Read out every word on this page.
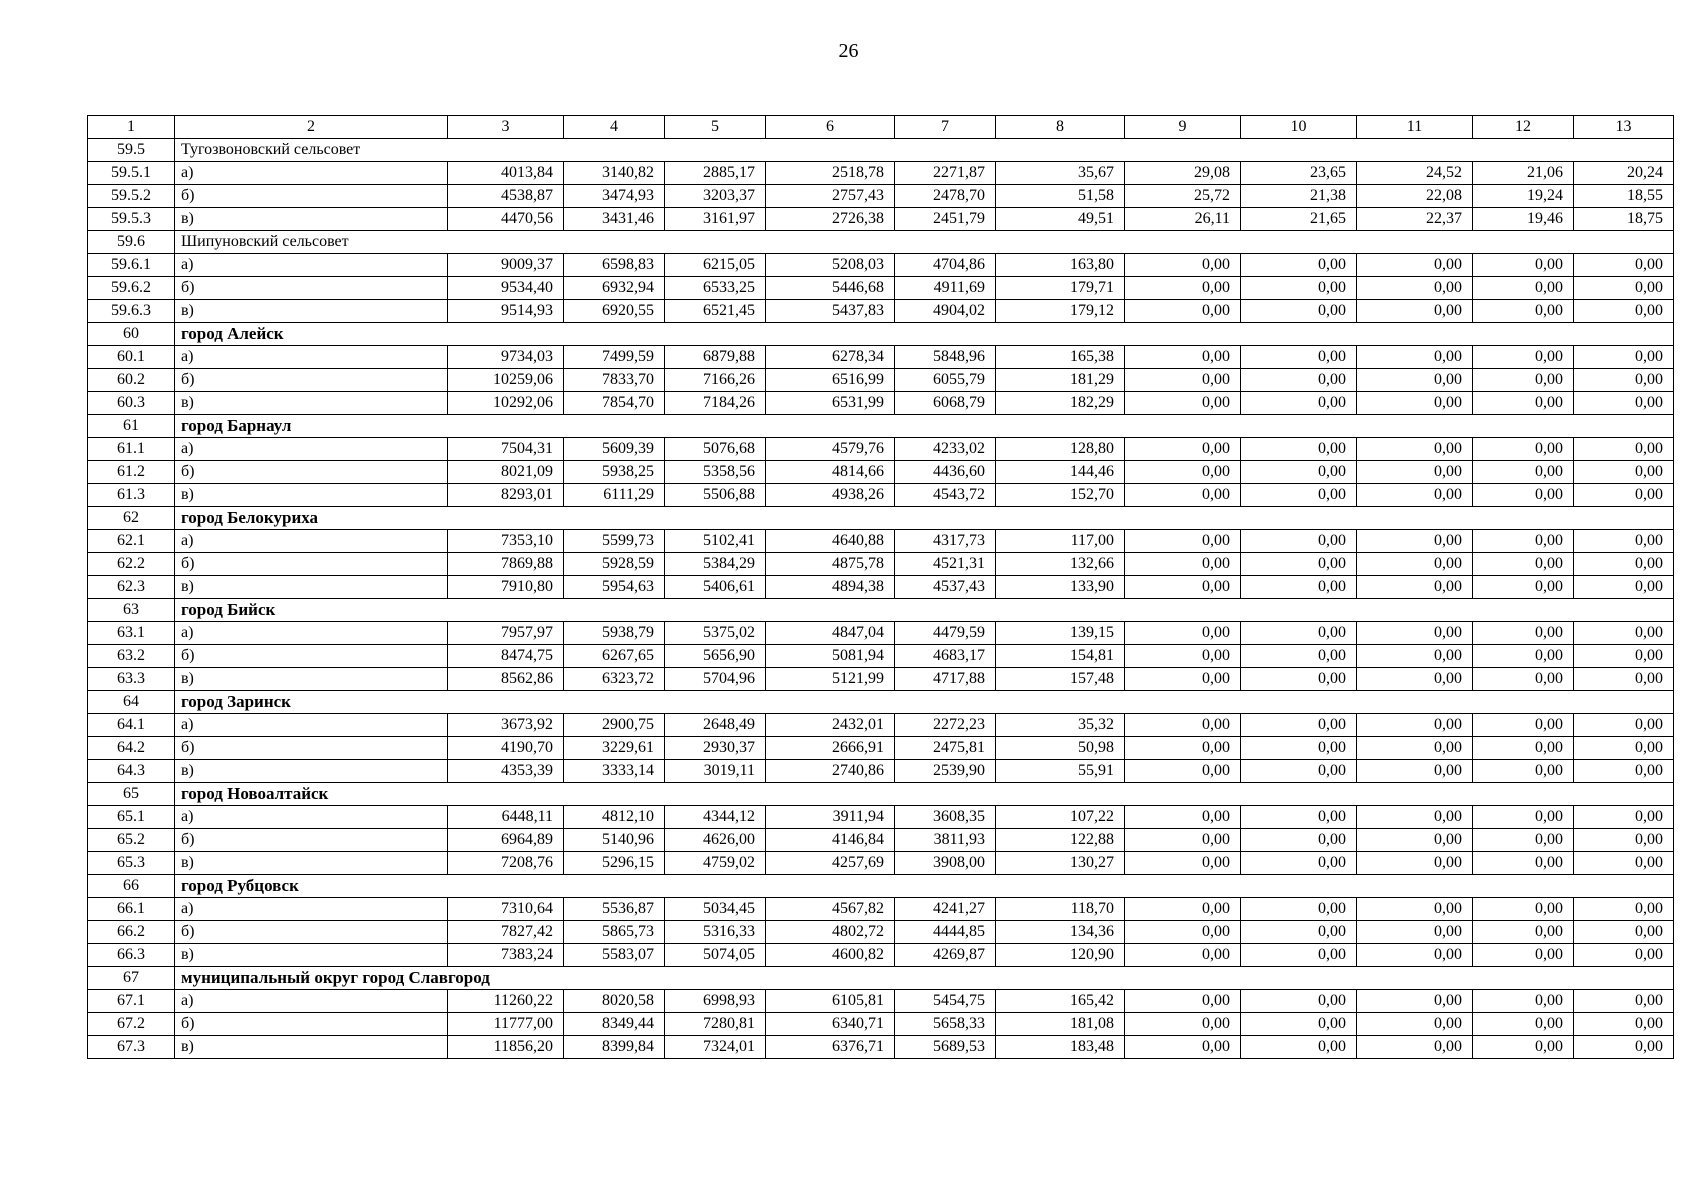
26
1	2	3	4	5	6	7	8	9	10	11	12	13
59.5	Тугозвоновский сельсовет											
59.5.1	а)	4013,84	3140,82	2885,17	2518,78	2271,87	35,67	29,08	23,65	24,52	21,06	20,24
59.5.2	б)	4538,87	3474,93	3203,37	2757,43	2478,70	51,58	25,72	21,38	22,08	19,24	18,55
59.5.3	в)	4470,56	3431,46	3161,97	2726,38	2451,79	49,51	26,11	21,65	22,37	19,46	18,75
59.6	Шипуновский сельсовет											
59.6.1	а)	9009,37	6598,83	6215,05	5208,03	4704,86	163,80	0,00	0,00	0,00	0,00	0,00
59.6.2	б)	9534,40	6932,94	6533,25	5446,68	4911,69	179,71	0,00	0,00	0,00	0,00	0,00
59.6.3	в)	9514,93	6920,55	6521,45	5437,83	4904,02	179,12	0,00	0,00	0,00	0,00	0,00
60	город Алейск											
60.1	а)	9734,03	7499,59	6879,88	6278,34	5848,96	165,38	0,00	0,00	0,00	0,00	0,00
60.2	б)	10259,06	7833,70	7166,26	6516,99	6055,79	181,29	0,00	0,00	0,00	0,00	0,00
60.3	в)	10292,06	7854,70	7184,26	6531,99	6068,79	182,29	0,00	0,00	0,00	0,00	0,00
61	город Барнаул											
61.1	а)	7504,31	5609,39	5076,68	4579,76	4233,02	128,80	0,00	0,00	0,00	0,00	0,00
61.2	б)	8021,09	5938,25	5358,56	4814,66	4436,60	144,46	0,00	0,00	0,00	0,00	0,00
61.3	в)	8293,01	6111,29	5506,88	4938,26	4543,72	152,70	0,00	0,00	0,00	0,00	0,00
62	город Белокуриха											
62.1	а)	7353,10	5599,73	5102,41	4640,88	4317,73	117,00	0,00	0,00	0,00	0,00	0,00
62.2	б)	7869,88	5928,59	5384,29	4875,78	4521,31	132,66	0,00	0,00	0,00	0,00	0,00
62.3	в)	7910,80	5954,63	5406,61	4894,38	4537,43	133,90	0,00	0,00	0,00	0,00	0,00
63	город Бийск											
63.1	а)	7957,97	5938,79	5375,02	4847,04	4479,59	139,15	0,00	0,00	0,00	0,00	0,00
63.2	б)	8474,75	6267,65	5656,90	5081,94	4683,17	154,81	0,00	0,00	0,00	0,00	0,00
63.3	в)	8562,86	6323,72	5704,96	5121,99	4717,88	157,48	0,00	0,00	0,00	0,00	0,00
64	город Заринск											
64.1	а)	3673,92	2900,75	2648,49	2432,01	2272,23	35,32	0,00	0,00	0,00	0,00	0,00
64.2	б)	4190,70	3229,61	2930,37	2666,91	2475,81	50,98	0,00	0,00	0,00	0,00	0,00
64.3	в)	4353,39	3333,14	3019,11	2740,86	2539,90	55,91	0,00	0,00	0,00	0,00	0,00
65	город Новоалтайск											
65.1	а)	6448,11	4812,10	4344,12	3911,94	3608,35	107,22	0,00	0,00	0,00	0,00	0,00
65.2	б)	6964,89	5140,96	4626,00	4146,84	3811,93	122,88	0,00	0,00	0,00	0,00	0,00
65.3	в)	7208,76	5296,15	4759,02	4257,69	3908,00	130,27	0,00	0,00	0,00	0,00	0,00
66	город Рубцовск											
66.1	а)	7310,64	5536,87	5034,45	4567,82	4241,27	118,70	0,00	0,00	0,00	0,00	0,00
66.2	б)	7827,42	5865,73	5316,33	4802,72	4444,85	134,36	0,00	0,00	0,00	0,00	0,00
66.3	в)	7383,24	5583,07	5074,05	4600,82	4269,87	120,90	0,00	0,00	0,00	0,00	0,00
67	муниципальный округ город Славгород											
67.1	а)	11260,22	8020,58	6998,93	6105,81	5454,75	165,42	0,00	0,00	0,00	0,00	0,00
67.2	б)	11777,00	8349,44	7280,81	6340,71	5658,33	181,08	0,00	0,00	0,00	0,00	0,00
67.3	в)	11856,20	8399,84	7324,01	6376,71	5689,53	183,48	0,00	0,00	0,00	0,00	0,00
